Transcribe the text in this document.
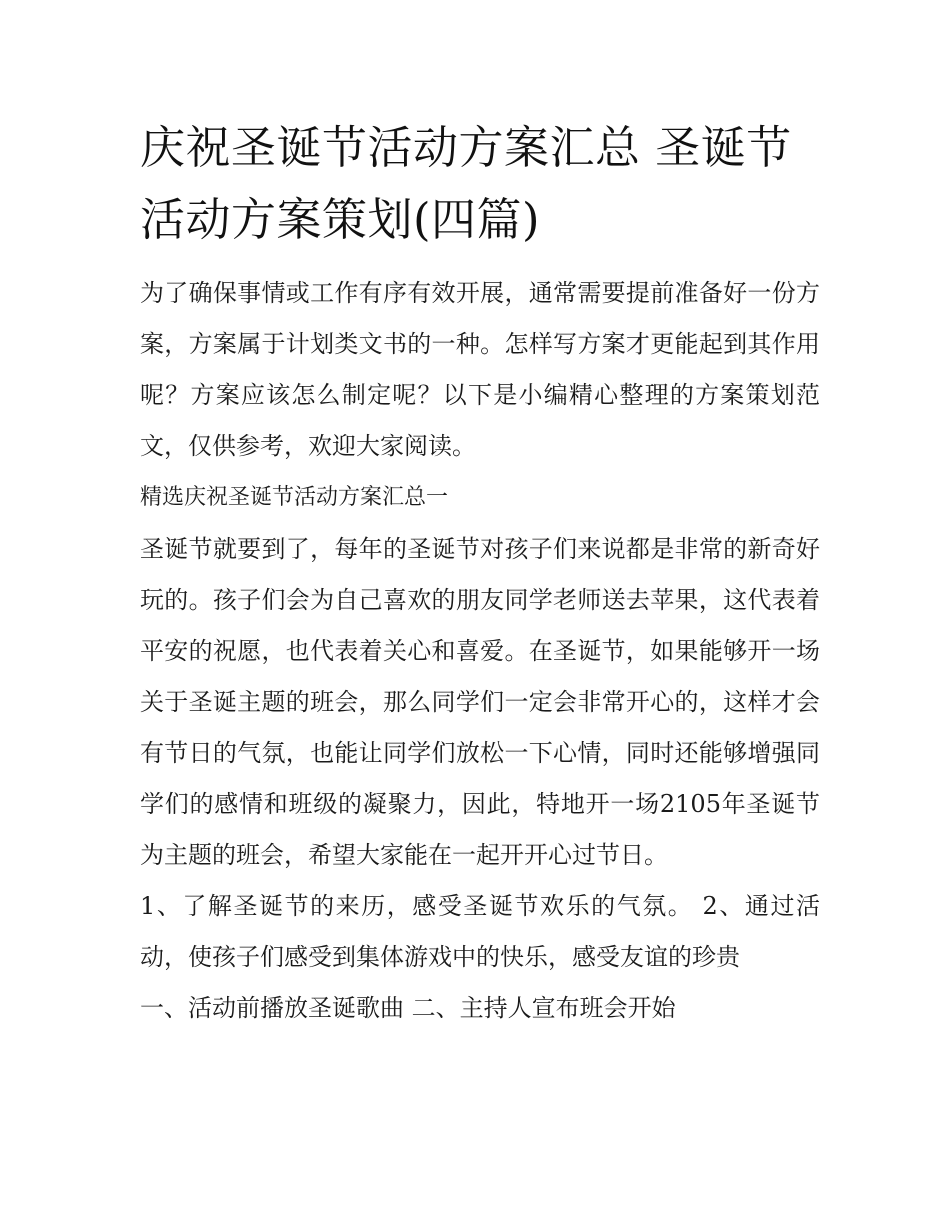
庆祝圣诞节活动方案汇总 圣诞节活动方案策划(四篇)

为了确保事情或工作有序有效开展，通常需要提前准备好一份方案，方案属于计划类文书的一种。怎样写方案才更能起到其作用呢？方案应该怎么制定呢？以下是小编精心整理的方案策划范文，仅供参考，欢迎大家阅读。

精选庆祝圣诞节活动方案汇总一

圣诞节就要到了，每年的圣诞节对孩子们来说都是非常的新奇好玩的。孩子们会为自己喜欢的朋友同学老师送去苹果，这代表着平安的祝愿，也代表着关心和喜爱。在圣诞节，如果能够开一场关于圣诞主题的班会，那么同学们一定会非常开心的，这样才会有节日的气氛，也能让同学们放松一下心情，同时还能够增强同学们的感情和班级的凝聚力，因此，特地开一场2105年圣诞节为主题的班会，希望大家能在一起开开心过节日。

1、了解圣诞节的来历，感受圣诞节欢乐的气氛。 2、通过活动，使孩子们感受到集体游戏中的快乐，感受友谊的珍贵

一、活动前播放圣诞歌曲 二、主持人宣布班会开始
